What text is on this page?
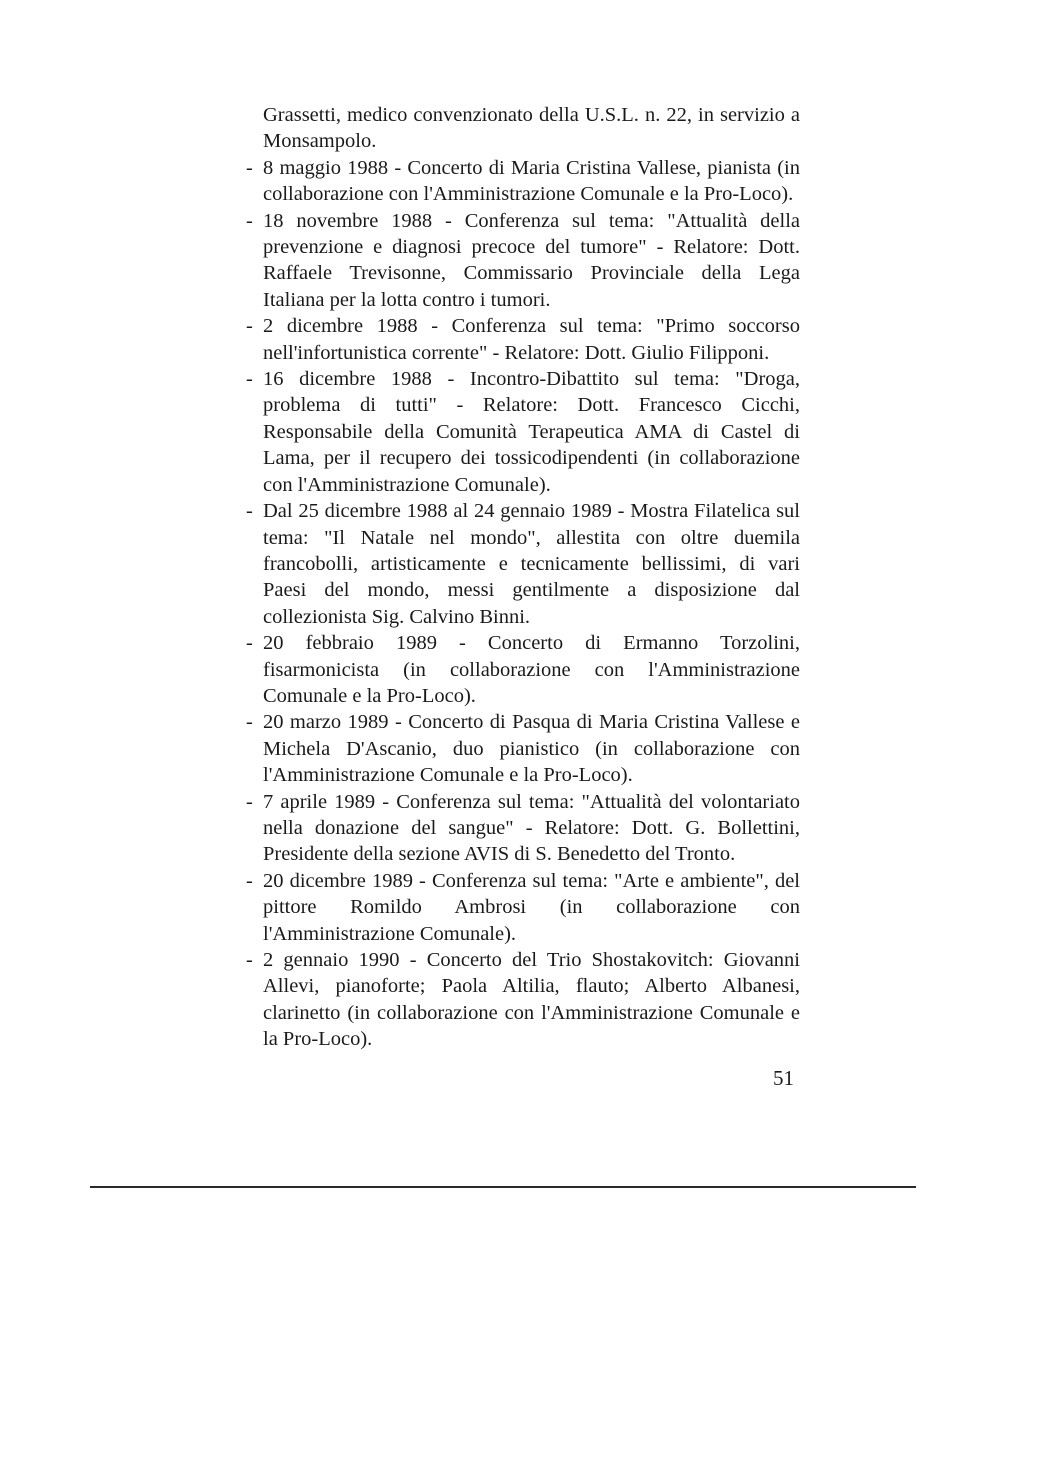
Grassetti, medico convenzionato della U.S.L. n. 22, in servizio a Monsampolo.

- 8 maggio 1988 - Concerto di Maria Cristina Vallese, pianista (in collaborazione con l'Amministrazione Comunale e la Pro-Loco).
- 18 novembre 1988 - Conferenza sul tema: "Attualità della prevenzione e diagnosi precoce del tumore" - Relatore: Dott. Raffaele Trevisonne, Commissario Provinciale della Lega Italiana per la lotta contro i tumori.
- 2 dicembre 1988 - Conferenza sul tema: "Primo soccorso nell'infortunistica corrente" - Relatore: Dott. Giulio Filipponi.
- 16 dicembre 1988 - Incontro-Dibattito sul tema: "Droga, problema di tutti" - Relatore: Dott. Francesco Cicchi, Responsabile della Comunità Terapeutica AMA di Castel di Lama, per il recupero dei tossicodipendenti (in collaborazione con l'Amministrazione Comunale).
- Dal 25 dicembre 1988 al 24 gennaio 1989 - Mostra Filatelica sul tema: "Il Natale nel mondo", allestita con oltre duemila francobolli, artisticamente e tecnicamente bellissimi, di vari Paesi del mondo, messi gentilmente a disposizione dal collezionista Sig. Calvino Binni.
- 20 febbraio 1989 - Concerto di Ermanno Torzolini, fisarmonicista (in collaborazione con l'Amministrazione Comunale e la Pro-Loco).
- 20 marzo 1989 - Concerto di Pasqua di Maria Cristina Vallese e Michela D'Ascanio, duo pianistico (in collaborazione con l'Amministrazione Comunale e la Pro-Loco).
- 7 aprile 1989 - Conferenza sul tema: "Attualità del volontariato nella donazione del sangue" - Relatore: Dott. G. Bollettini, Presidente della sezione AVIS di S. Benedetto del Tronto.
- 20 dicembre 1989 - Conferenza sul tema: "Arte e ambiente", del pittore Romildo Ambrosi (in collaborazione con l'Amministrazione Comunale).
- 2 gennaio 1990 - Concerto del Trio Shostakovitch: Giovanni Allevi, pianoforte; Paola Altilia, flauto; Alberto Albanesi, clarinetto (in collaborazione con l'Amministrazione Comunale e la Pro-Loco).
51
